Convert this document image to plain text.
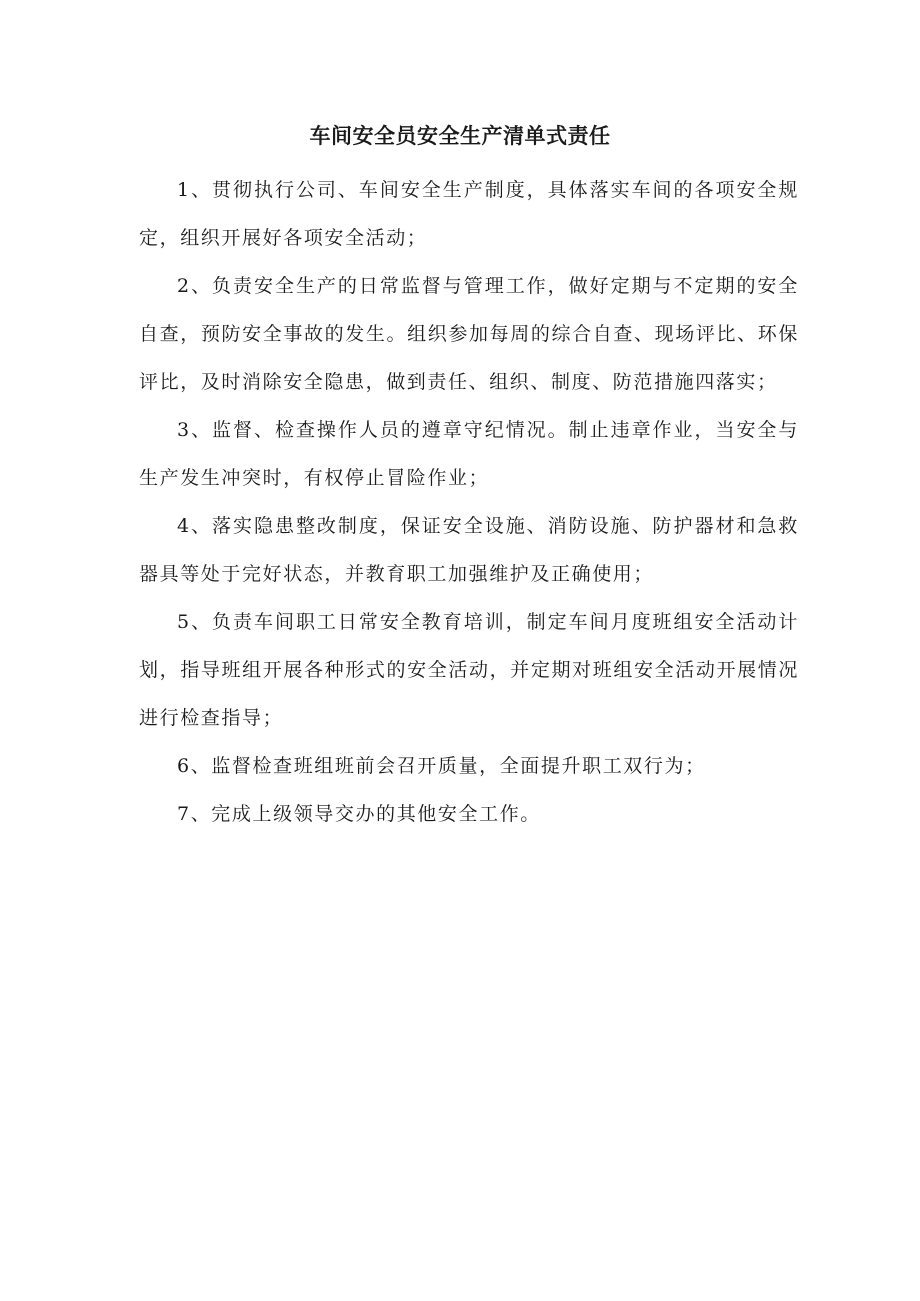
车间安全员安全生产清单式责任

1、贯彻执行公司、车间安全生产制度，具体落实车间的各项安全规定，组织开展好各项安全活动；

2、负责安全生产的日常监督与管理工作，做好定期与不定期的安全自查，预防安全事故的发生。组织参加每周的综合自查、现场评比、环保评比，及时消除安全隐患，做到责任、组织、制度、防范措施四落实；

3、监督、检查操作人员的遵章守纪情况。制止违章作业，当安全与生产发生冲突时，有权停止冒险作业；

4、落实隐患整改制度，保证安全设施、消防设施、防护器材和急救器具等处于完好状态，并教育职工加强维护及正确使用；

5、负责车间职工日常安全教育培训，制定车间月度班组安全活动计划，指导班组开展各种形式的安全活动，并定期对班组安全活动开展情况进行检查指导；

6、监督检查班组班前会召开质量，全面提升职工双行为；

7、完成上级领导交办的其他安全工作。
